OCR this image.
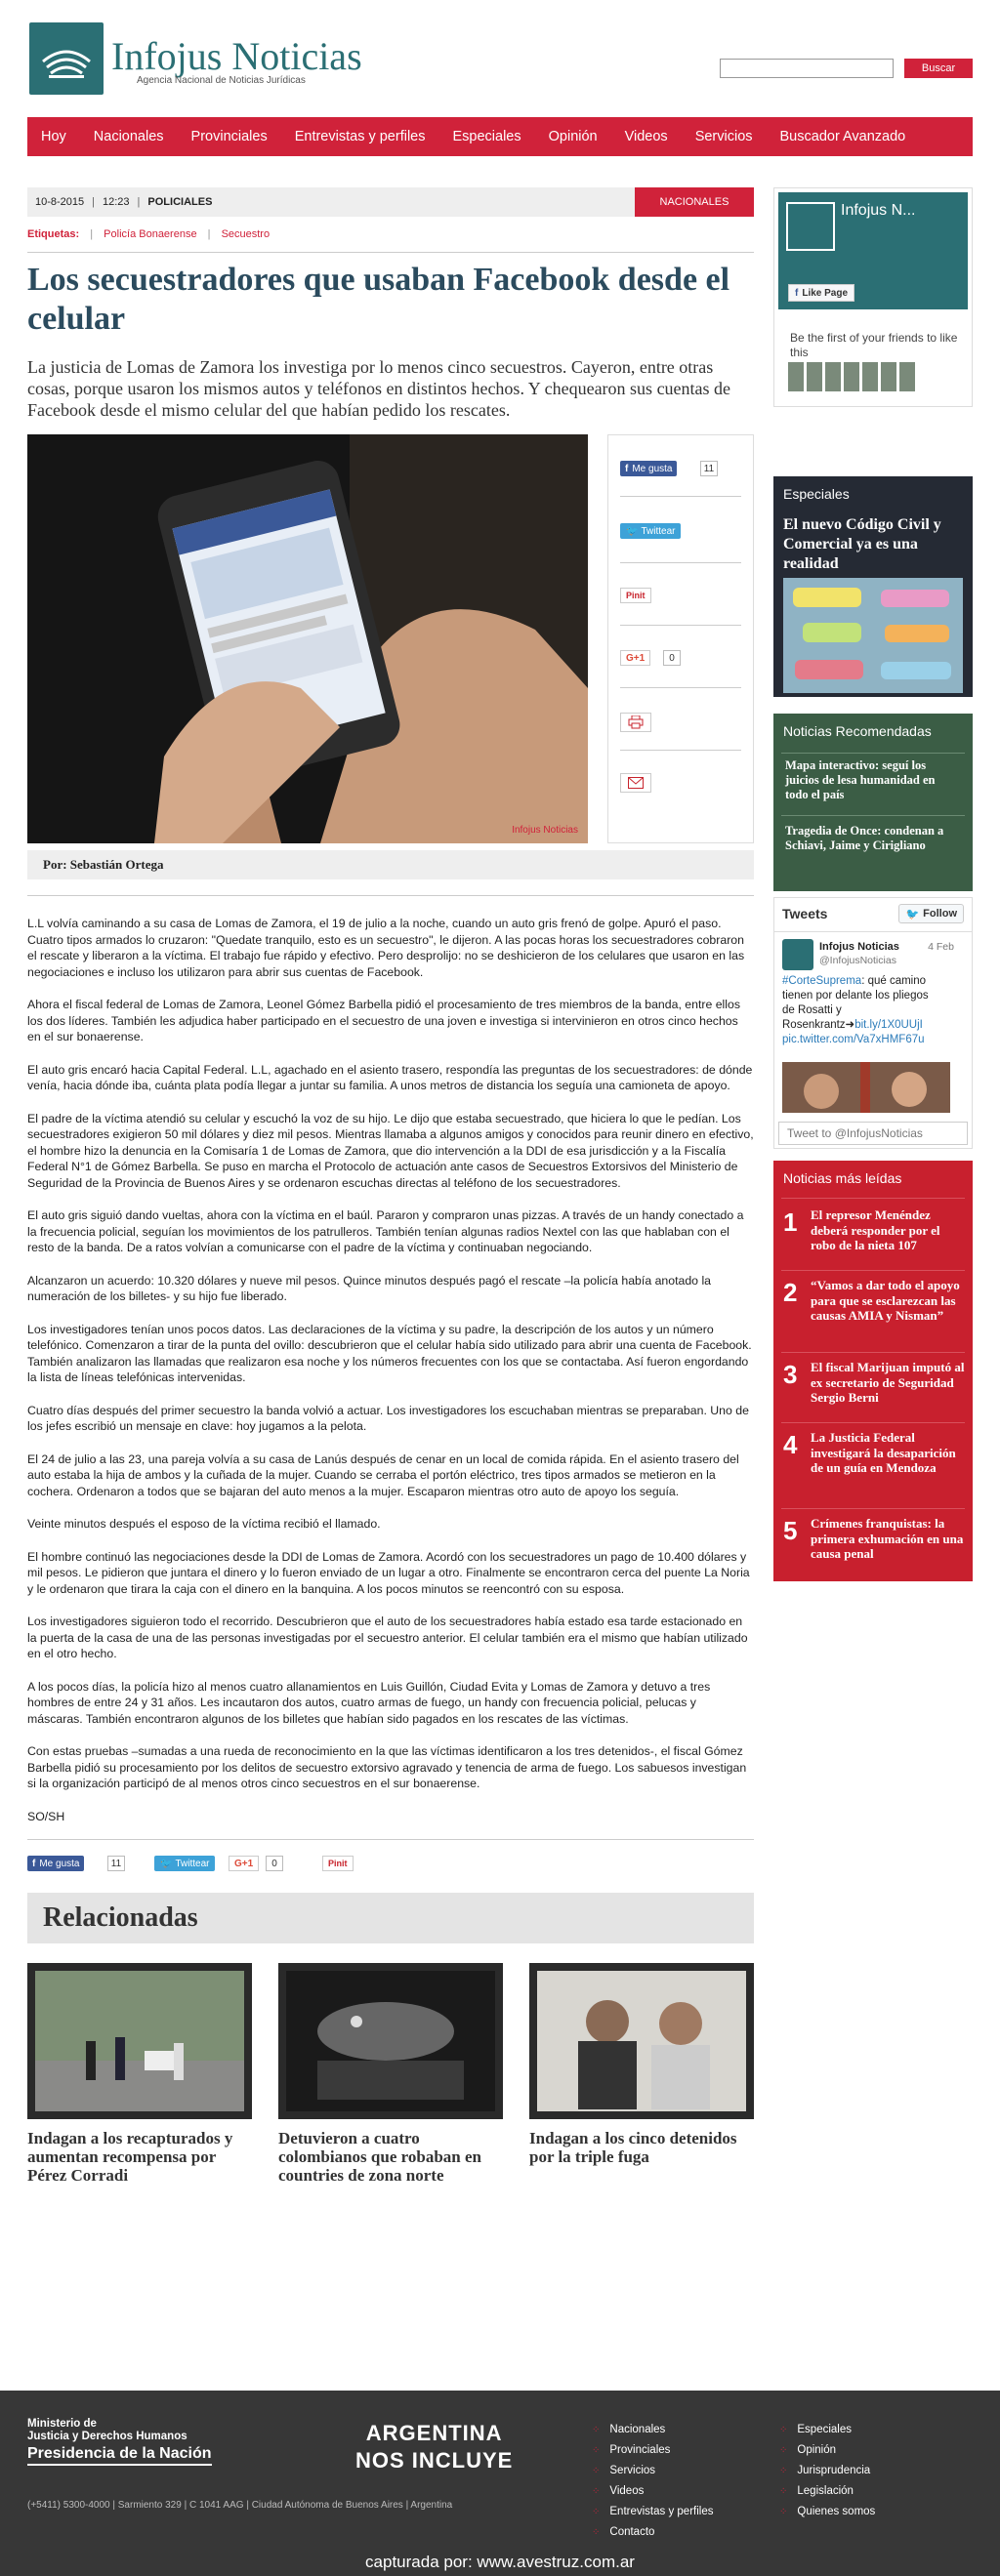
Infojus Noticias
Agencia Nacional de Noticias Jurídicas
Buscar
Hoy	Nacionales	Provinciales	Entrevistas y perfiles	Especiales	Opinión	Videos	Servicios	Buscador Avanzado
10-8-2015 | 12:23 | POLICIALES	NACIONALES
Etiquetas: | Policía Bonaerense | Secuestro
Los secuestradores que usaban Facebook desde el celular

La justicia de Lomas de Zamora los investiga por lo menos cinco secuestros. Cayeron, entre otras cosas, porque usaron los mismos autos y teléfonos en distintos hechos. Y chequearon sus cuentas de Facebook desde el mismo celular del que habían pedido los rescates.

Infojus Noticias
f Me gusta	11
🐦 Twittear
Pinit
G+1	0
Por: Sebastián Ortega

L.L volvía caminando a su casa de Lomas de Zamora, el 19 de julio a la noche, cuando un auto gris frenó de golpe. Apuró el paso. Cuatro tipos armados lo cruzaron: "Quedate tranquilo, esto es un secuestro", le dijeron. A las pocas horas los secuestradores cobraron el rescate y liberaron a la víctima. El trabajo fue rápido y efectivo. Pero desprolijo: no se deshicieron de los celulares que usaron en las negociaciones e incluso los utilizaron para abrir sus cuentas de Facebook.

Ahora el fiscal federal de Lomas de Zamora, Leonel Gómez Barbella pidió el procesamiento de tres miembros de la banda, entre ellos los dos líderes. También les adjudica haber participado en el secuestro de una joven e investiga si intervinieron en otros cinco hechos en el sur bonaerense.

El auto gris encaró hacia Capital Federal. L.L, agachado en el asiento trasero, respondía las preguntas de los secuestradores: de dónde venía, hacia dónde iba, cuánta plata podía llegar a juntar su familia. A unos metros de distancia los seguía una camioneta de apoyo.

El padre de la víctima atendió su celular y escuchó la voz de su hijo. Le dijo que estaba secuestrado, que hiciera lo que le pedían. Los secuestradores exigieron 50 mil dólares y diez mil pesos. Mientras llamaba a algunos amigos y conocidos para reunir dinero en efectivo, el hombre hizo la denuncia en la Comisaría 1 de Lomas de Zamora, que dio intervención a la DDI de esa jurisdicción y a la Fiscalía Federal N°1 de Gómez Barbella. Se puso en marcha el Protocolo de actuación ante casos de Secuestros Extorsivos del Ministerio de Seguridad de la Provincia de Buenos Aires y se ordenaron escuchas directas al teléfono de los secuestradores.

El auto gris siguió dando vueltas, ahora con la víctima en el baúl. Pararon y compraron unas pizzas. A través de un handy conectado a la frecuencia policial, seguían los movimientos de los patrulleros. También tenían algunas radios Nextel con las que hablaban con el resto de la banda. De a ratos volvían a comunicarse con el padre de la víctima y continuaban negociando.

Alcanzaron un acuerdo: 10.320 dólares y nueve mil pesos. Quince minutos después pagó el rescate –la policía había anotado la numeración de los billetes- y su hijo fue liberado.

Los investigadores tenían unos pocos datos. Las declaraciones de la víctima y su padre, la descripción de los autos y un número telefónico. Comenzaron a tirar de la punta del ovillo: descubrieron que el celular había sido utilizado para abrir una cuenta de Facebook. También analizaron las llamadas que realizaron esa noche y los números frecuentes con los que se contactaba. Así fueron engordando la lista de líneas telefónicas intervenidas.

Cuatro días después del primer secuestro la banda volvió a actuar. Los investigadores los escuchaban mientras se preparaban. Uno de los jefes escribió un mensaje en clave: hoy jugamos a la pelota.

El 24 de julio a las 23, una pareja volvía a su casa de Lanús después de cenar en un local de comida rápida. En el asiento trasero del auto estaba la hija de ambos y la cuñada de la mujer. Cuando se cerraba el portón eléctrico, tres tipos armados se metieron en la cochera. Ordenaron a todos que se bajaran del auto menos a la mujer. Escaparon mientras otro auto de apoyo los seguía.

Veinte minutos después el esposo de la víctima recibió el llamado.

El hombre continuó las negociaciones desde la DDI de Lomas de Zamora. Acordó con los secuestradores un pago de 10.400 dólares y mil pesos. Le pidieron que juntara el dinero y lo fueron enviado de un lugar a otro. Finalmente se encontraron cerca del puente La Noria y le ordenaron que tirara la caja con el dinero en la banquina. A los pocos minutos se reencontró con su esposa.

Los investigadores siguieron todo el recorrido. Descubrieron que el auto de los secuestradores había estado esa tarde estacionado en la puerta de la casa de una de las personas investigadas por el secuestro anterior. El celular también era el mismo que habían utilizado en el otro hecho.

A los pocos días, la policía hizo al menos cuatro allanamientos en Luis Guillón, Ciudad Evita y Lomas de Zamora y detuvo a tres hombres de entre 24 y 31 años. Les incautaron dos autos, cuatro armas de fuego, un handy con frecuencia policial, pelucas y máscaras. También encontraron algunos de los billetes que habían sido pagados en los rescates de las víctimas.

Con estas pruebas –sumadas a una rueda de reconocimiento en la que las víctimas identificaron a los tres detenidos-, el fiscal Gómez Barbella pidió su procesamiento por los delitos de secuestro extorsivo agravado y tenencia de arma de fuego. Los sabuesos investigan si la organización participó de al menos otros cinco secuestros en el sur bonaerense.

SO/SH

f Me gusta	11	🐦 Twittear	G+1	0	Pinit
Relacionadas
Indagan a los recapturados y aumentan recompensa por Pérez Corradi
Detuvieron a cuatro colombianos que robaban en countries de zona norte
Indagan a los cinco detenidos por la triple fuga
Infojus N...
f Like Page
Be the first of your friends to like this
Especiales
El nuevo Código Civil y Comercial ya es una realidad
Noticias Recomendadas
Mapa interactivo: seguí los juicios de lesa humanidad en todo el país
Tragedia de Once: condenan a Schiavi, Jaime y Cirigliano
Tweets	🐦 Follow
Infojus Noticias
@InfojusNoticias
4 Feb
#CorteSuprema: qué camino tienen por delante los pliegos de Rosatti y Rosenkrantz➜bit.ly/1X0UUjI pic.twitter.com/Va7xHMF67u
Tweet to @InfojusNoticias
Noticias más leídas
1	El represor Menéndez deberá responder por el robo de la nieta 107
2	“Vamos a dar todo el apoyo para que se esclarezcan las causas AMIA y Nisman”
3	El fiscal Marijuan imputó al ex secretario de Seguridad Sergio Berni
4	La Justicia Federal investigará la desaparición de un guía en Mendoza
5	Crímenes franquistas: la primera exhumación en una causa penal
Ministerio de
Justicia y Derechos Humanos
Presidencia de la Nación
(+5411) 5300-4000 | Sarmiento 329 | C 1041 AAG | Ciudad Autónoma de Buenos Aires | Argentina
ARGENTINA
NOS INCLUYE
⁘ Nacionales
⁘ Provinciales
⁘ Servicios
⁘ Videos
⁘ Entrevistas y perfiles
⁘ Contacto
⁘ Especiales
⁘ Opinión
⁘ Jurisprudencia
⁘ Legislación
⁘ Quienes somos
capturada por: www.avestruz.com.ar
